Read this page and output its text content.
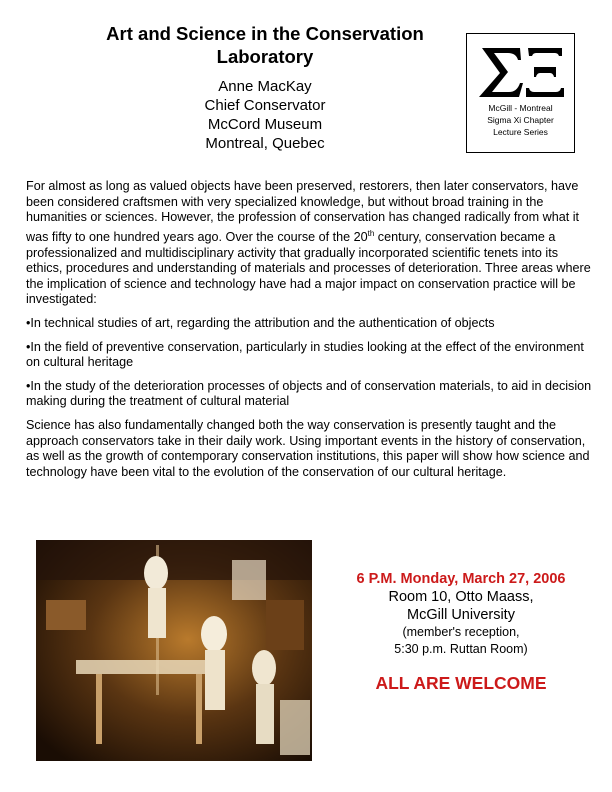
Art and Science in the Conservation
Laboratory
Anne MacKay
Chief Conservator
McCord Museum
Montreal, Quebec
McGill - Montreal
Sigma Xi Chapter
Lecture Series

For almost as long as valued objects have been preserved, restorers, then later conservators, have been considered craftsmen with very specialized knowledge, but without broad training in the humanities or sciences. However, the profession of conservation has changed radically from what it was fifty to one hundred years ago. Over the course of the 20th century, conservation became a professionalized and multidisciplinary activity that gradually incorporated scientific tenets into its ethics, procedures and understanding of materials and processes of deterioration. Three areas where the implication of science and technology have had a major impact on conservation practice will be investigated:

•In technical studies of art, regarding the attribution and the authentication of objects

•In the field of preventive conservation, particularly in studies looking at the effect of the environment on cultural heritage

•In the study of the deterioration processes of objects and of conservation materials, to aid in decision making during the treatment of cultural material

Science has also fundamentally changed both the way conservation is presently taught and the approach conservators take in their daily work. Using important events in the history of conservation, as well as the growth of contemporary conservation institutions, this paper will show how science and technology have been vital to the evolution of the conservation of our cultural heritage.

6 P.M. Monday, March 27, 2006
Room 10, Otto Maass,
McGill University
(member's reception,
5:30 p.m. Ruttan Room)
ALL ARE WELCOME
